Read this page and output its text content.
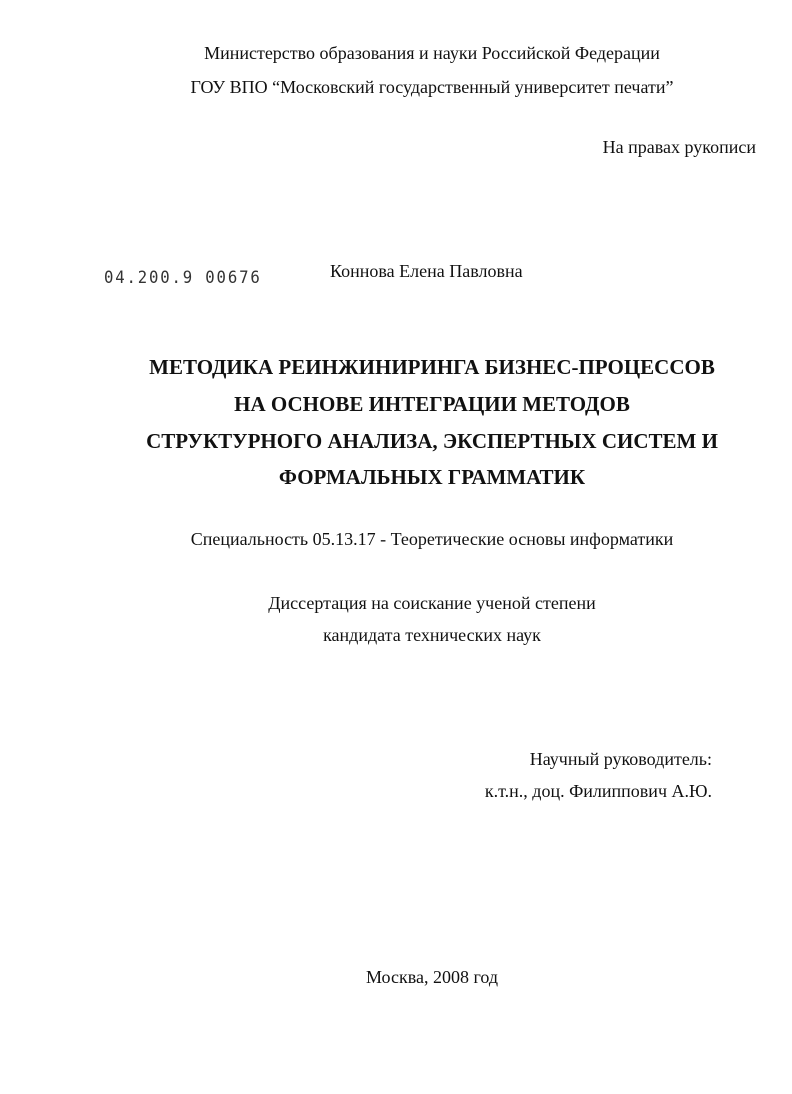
Министерство образования и науки Российской Федерации
ГОУ ВПО “Московский государственный университет печати”
На правах рукописи
04.200.9 00676	Коннова Елена Павловна
МЕТОДИКА РЕИНЖИНИРИНГА БИЗНЕС-ПРОЦЕССОВ
НА ОСНОВЕ ИНТЕГРАЦИИ МЕТОДОВ
СТРУКТУРНОГО АНАЛИЗА, ЭКСПЕРТНЫХ СИСТЕМ И
ФОРМАЛЬНЫХ ГРАММАТИК
Специальность 05.13.17 - Теоретические основы информатики
Диссертация на соискание ученой степени
кандидата технических наук
Научный руководитель:
к.т.н., доц. Филиппович А.Ю.
Москва, 2008 год
